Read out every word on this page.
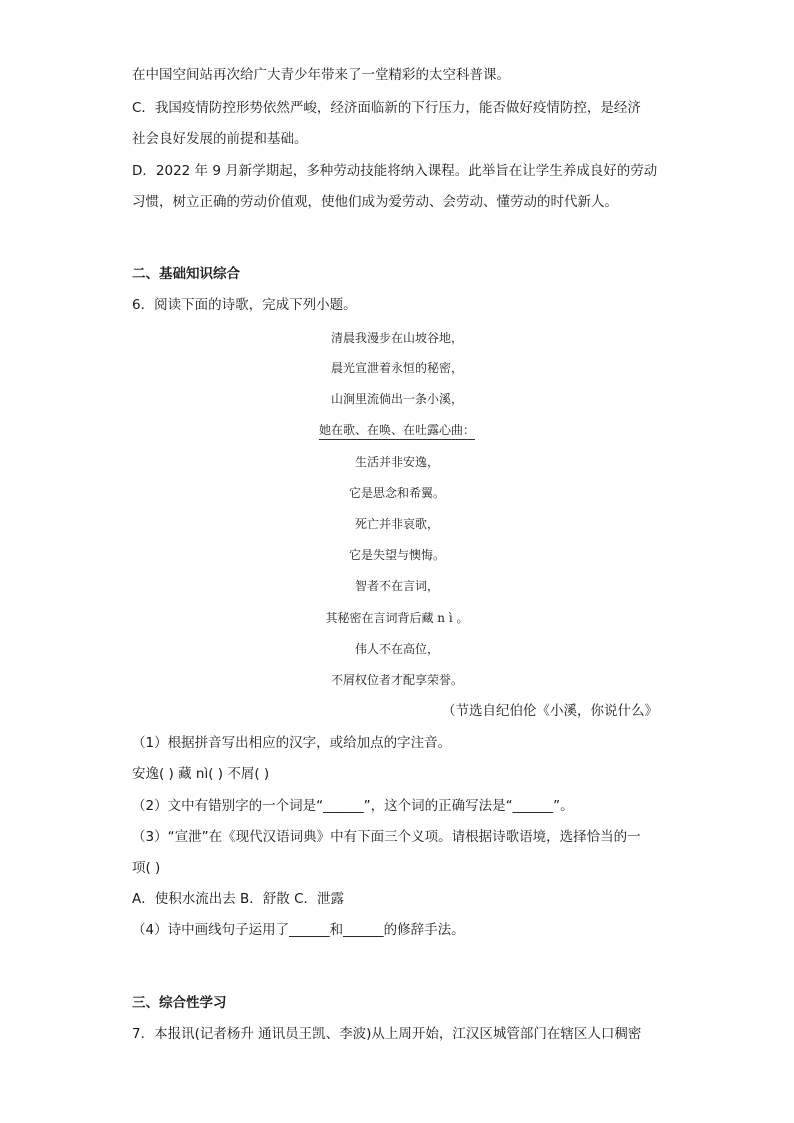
在中国空间站再次给广大青少年带来了一堂精彩的太空科普课。
C．我国疫情防控形势依然严峻，经济面临新的下行压力，能否做好疫情防控，是经济
社会良好发展的前提和基础。
D．2022 年 9 月新学期起，多种劳动技能将纳入课程。此举旨在让学生养成良好的劳动
习惯，树立正确的劳动价值观，使他们成为爱劳动、会劳动、懂劳动的时代新人。
二、基础知识综合
6．阅读下面的诗歌，完成下列小题。
清晨我漫步在山坡谷地，
晨光宣泄着永恒的秘密，
山涧里流倘出一条小溪，
她在歌、在唤、在吐露心曲：
生活并非安逸，
它是思念和希翼。
死亡并非哀歌，
它是失望与懊悔。
智者不在言词，
其秘密在言词背后藏 n ì 。
伟人不在高位，
不屑权位者才配享荣誉。
（节选自纪伯伦《小溪，你说什么》
（1）根据拼音写出相应的汉字，或给加点的字注音。
安逸( ) 藏 nì( ) 不屑( )
（2）文中有错别字的一个词是“______”，这个词的正确写法是“______”。
（3）“宣泄”在《现代汉语词典》中有下面三个义项。请根据诗歌语境，选择恰当的一
项( )
A．使积水流出去 B．舒散 C．泄露
（4）诗中画线句子运用了______和______的修辞手法。
三、综合性学习
7．本报讯(记者杨升 通讯员王凯、李波)从上周开始，江汉区城管部门在辖区人口稠密
